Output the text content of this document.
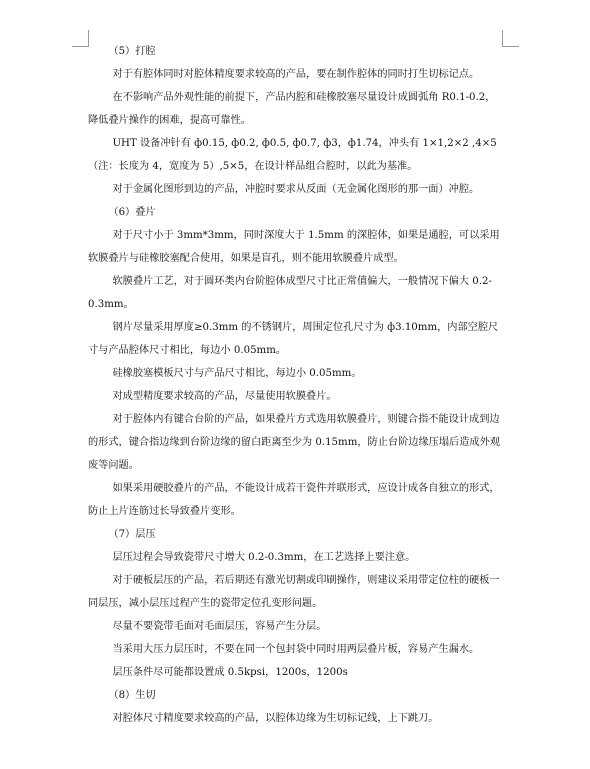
（5）打腔

对于有腔体同时对腔体精度要求较高的产品，要在制作腔体的同时打生切标记点。

在不影响产品外观性能的前提下，产品内腔和硅橡胶塞尽量设计成圆弧角 R0.1-0.2，降低叠片操作的困难，提高可靠性。

UHT 设备冲针有 ф0.15, ф0.2, ф0.5, ф0.7, ф3，ф1.74，冲头有 1×1,2×2 ,4×5 （注：长度为 4，宽度为 5）,5×5，在设计样品组合腔时，以此为基准。

对于金属化图形到边的产品，冲腔时要求从反面（无金属化图形的那一面）冲腔。

（6）叠片

对于尺寸小于 3mm*3mm，同时深度大于 1.5mm 的深腔体，如果是通腔，可以采用软膜叠片与硅橡胶塞配合使用，如果是盲孔，则不能用软膜叠片成型。

软膜叠片工艺，对于圆环类内台阶腔体成型尺寸比正常值偏大，一般情况下偏大 0.2-0.3mm。

钢片尽量采用厚度≥0.3mm 的不锈钢片，周围定位孔尺寸为 ф3.10mm，内部空腔尺寸与产品腔体尺寸相比，每边小 0.05mm。

硅橡胶塞模板尺寸与产品尺寸相比，每边小 0.05mm。

对成型精度要求较高的产品，尽量使用软膜叠片。

对于腔体内有键合台阶的产品，如果叠片方式选用软膜叠片，则键合指不能设计成到边的形式，键合指边缘到台阶边缘的留白距离至少为 0.15mm，防止台阶边缘压塌后造成外观废等问题。

如果采用硬胶叠片的产品，不能设计成若干瓷件并联形式，应设计成各自独立的形式，防止上片连筋过长导致叠片变形。

（7）层压

层压过程会导致瓷带尺寸增大 0.2-0.3mm，在工艺选择上要注意。

对于硬板层压的产品，若后期还有激光切割或印刷操作，则建议采用带定位柱的硬板一同层压，减小层压过程产生的瓷带定位孔变形问题。

尽量不要瓷带毛面对毛面层压，容易产生分层。

当采用大压力层压时，不要在同一个包封袋中同时用两层叠片板，容易产生漏水。

层压条件尽可能都设置成 0.5kpsi，1200s，1200s

（8）生切

对腔体尺寸精度要求较高的产品，以腔体边缘为生切标记线，上下跳刀。
